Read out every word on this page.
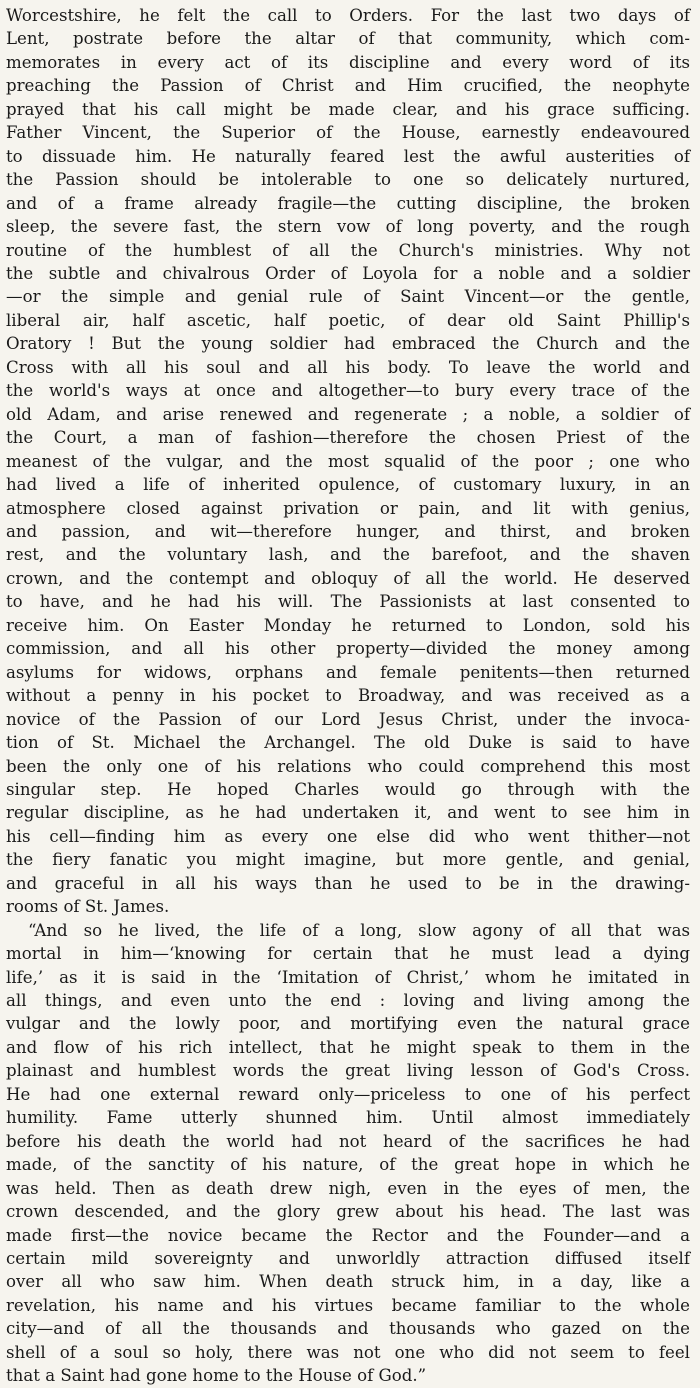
Worcestshire, he felt the call to Orders. For the last two days of
Lent, postrate before the altar of that community, which com-
memorates in every act of its discipline and every word of its
preaching the Passion of Christ and Him crucified, the neophyte
prayed that his call might be made clear, and his grace sufficing.
Father Vincent, the Superior of the House, earnestly endeavoured
to dissuade him. He naturally feared lest the awful austerities of
the Passion should be intolerable to one so delicately nurtured,
and of a frame already fragile—the cutting discipline, the broken
sleep, the severe fast, the stern vow of long poverty, and the rough
routine of the humblest of all the Church's ministries. Why not
the subtle and chivalrous Order of Loyola for a noble and a soldier
—or the simple and genial rule of Saint Vincent—or the gentle,
liberal air, half ascetic, half poetic, of dear old Saint Phillip's
Oratory ! But the young soldier had embraced the Church and the
Cross with all his soul and all his body. To leave the world and
the world's ways at once and altogether—to bury every trace of the
old Adam, and arise renewed and regenerate ; a noble, a soldier of
the Court, a man of fashion—therefore the chosen Priest of the
meanest of the vulgar, and the most squalid of the poor ; one who
had lived a life of inherited opulence, of customary luxury, in an
atmosphere closed against privation or pain, and lit with genius,
and passion, and wit—therefore hunger, and thirst, and broken
rest, and the voluntary lash, and the barefoot, and the shaven
crown, and the contempt and obloquy of all the world. He deserved
to have, and he had his will. The Passionists at last consented to
receive him. On Easter Monday he returned to London, sold his
commission, and all his other property—divided the money among
asylums for widows, orphans and female penitents—then returned
without a penny in his pocket to Broadway, and was received as a
novice of the Passion of our Lord Jesus Christ, under the invoca-
tion of St. Michael the Archangel. The old Duke is said to have
been the only one of his relations who could comprehend this most
singular step. He hoped Charles would go through with the
regular discipline, as he had undertaken it, and went to see him in
his cell—finding him as every one else did who went thither—not
the fiery fanatic you might imagine, but more gentle, and genial,
and graceful in all his ways than he used to be in the drawing-
rooms of St. James.
“And so he lived, the life of a long, slow agony of all that was
mortal in him—‘knowing for certain that he must lead a dying
life,’ as it is said in the ‘Imitation of Christ,’ whom he imitated in
all things, and even unto the end : loving and living among the
vulgar and the lowly poor, and mortifying even the natural grace
and flow of his rich intellect, that he might speak to them in the
plainast and humblest words the great living lesson of God's Cross.
He had one external reward only—priceless to one of his perfect
humility. Fame utterly shunned him. Until almost immediately
before his death the world had not heard of the sacrifices he had
made, of the sanctity of his nature, of the great hope in which he
was held. Then as death drew nigh, even in the eyes of men, the
crown descended, and the glory grew about his head. The last was
made first—the novice became the Rector and the Founder—and a
certain mild sovereignty and unworldly attraction diffused itself
over all who saw him. When death struck him, in a day, like a
revelation, his name and his virtues became familiar to the whole
city—and of all the thousands and thousands who gazed on the
shell of a soul so holy, there was not one who did not seem to feel
that a Saint had gone home to the House of God.”
